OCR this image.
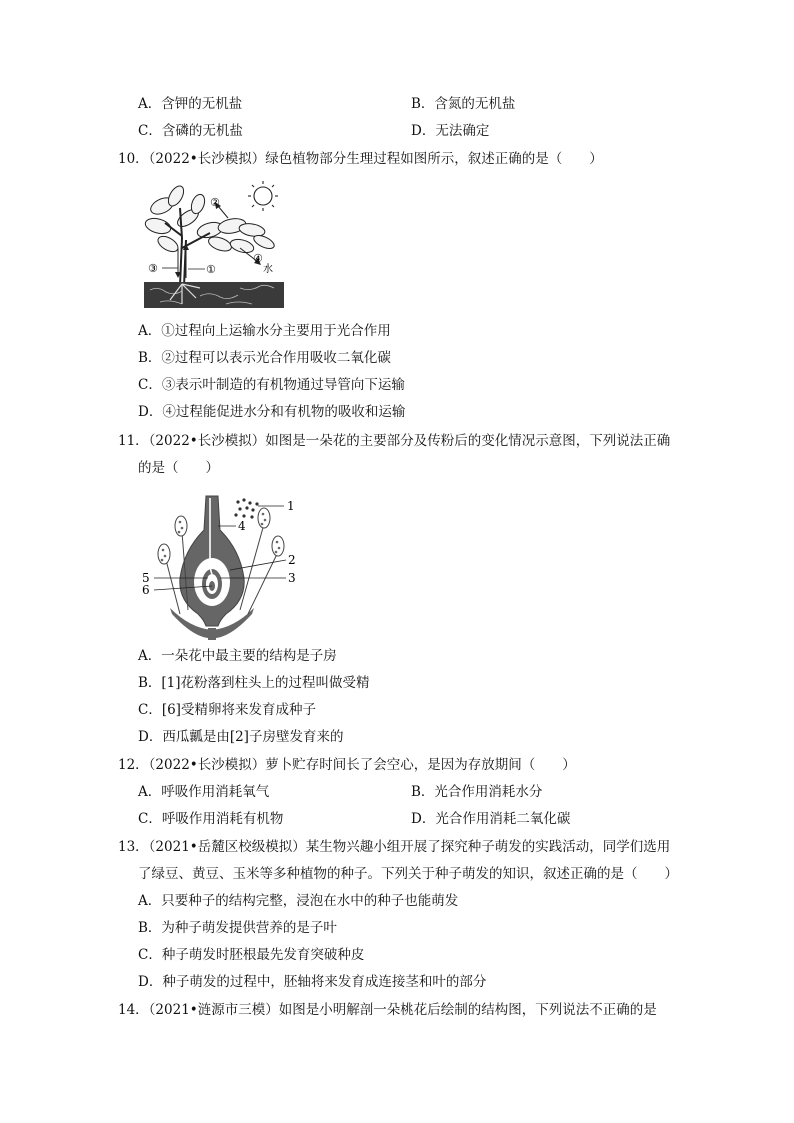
A．含钾的无机盐	B．含氮的无机盐
C．含磷的无机盐	D．无法确定
10．（2022•长沙模拟）绿色植物部分生理过程如图所示，叙述正确的是（　　）
②
③	①
④
水
A．①过程向上运输水分主要用于光合作用
B．②过程可以表示光合作用吸收二氧化碳
C．③表示叶制造的有机物通过导管向下运输
D．④过程能促进水分和有机物的吸收和运输
11．（2022•长沙模拟）如图是一朵花的主要部分及传粉后的变化情况示意图，下列说法正确
的是（　　）
1
4
2
3
5
6
A．一朵花中最主要的结构是子房
B．[1]花粉落到柱头上的过程叫做受精
C．[6]受精卵将来发育成种子
D．西瓜瓤是由[2]子房壁发育来的
12．（2022•长沙模拟）萝卜贮存时间长了会空心，是因为存放期间（　　）
A．呼吸作用消耗氧气	B．光合作用消耗水分
C．呼吸作用消耗有机物	D．光合作用消耗二氧化碳
13．（2021•岳麓区校级模拟）某生物兴趣小组开展了探究种子萌发的实践活动，同学们选用
了绿豆、黄豆、玉米等多种植物的种子。下列关于种子萌发的知识，叙述正确的是（　　）
A．只要种子的结构完整，浸泡在水中的种子也能萌发
B．为种子萌发提供营养的是子叶
C．种子萌发时胚根最先发育突破种皮
D．种子萌发的过程中，胚轴将来发育成连接茎和叶的部分
14．（2021•涟源市三模）如图是小明解剖一朵桃花后绘制的结构图，下列说法不正确的是
